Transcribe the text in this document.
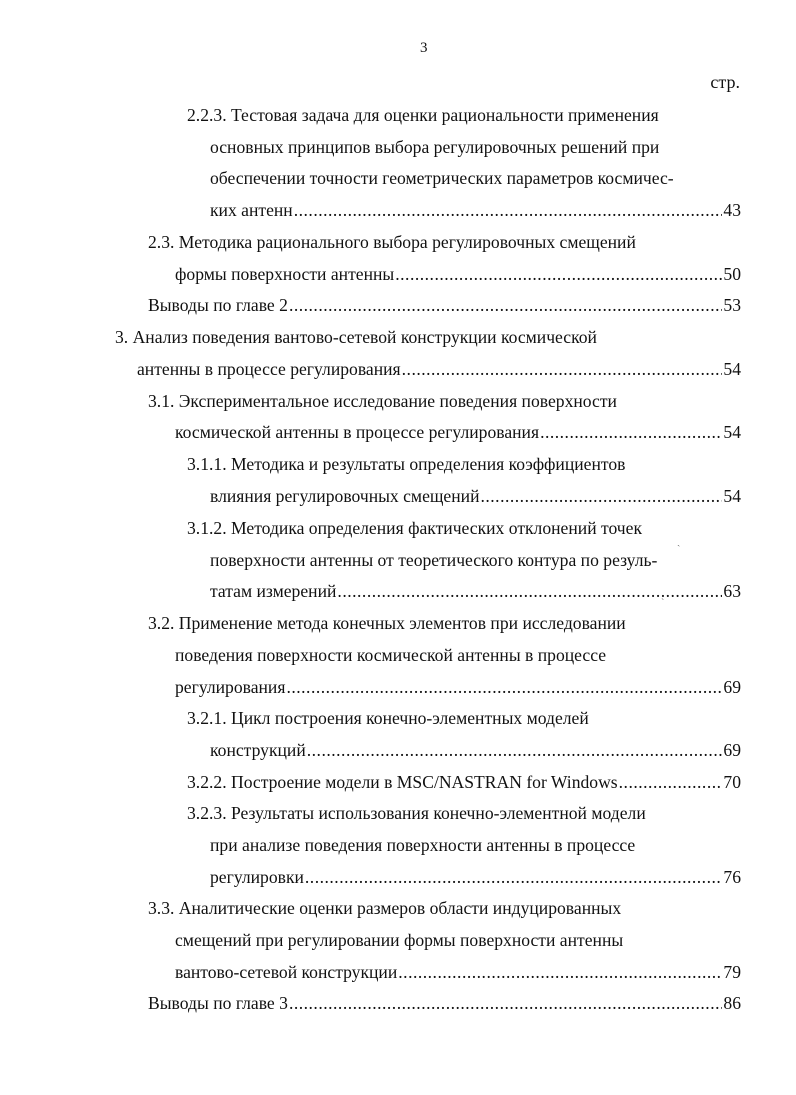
3
стр.
2.2.3. Тестовая задача для оценки рациональности применения
основных принципов выбора регулировочных решений при
обеспечении точности геометрических параметров космичес-
ких антенн .....	43
2.3. Методика рационального выбора регулировочных смещений
формы поверхности антенны .....	50
Выводы по главе 2 .....	53
3. Анализ поведения вантово-сетевой конструкции космической
антенны в процессе регулирования .....	54
3.1. Экспериментальное исследование поведения поверхности
космической антенны в процессе регулирования .....	54
3.1.1. Методика и результаты определения коэффициентов
влияния регулировочных смещений .....	54
3.1.2. Методика определения фактических отклонений точек
поверхности антенны от теоретического контура по резуль-
татам измерений .....	63
3.2. Применение метода конечных элементов при исследовании
поведения поверхности космической антенны в процессе
регулирования .....	69
3.2.1. Цикл построения конечно-элементных моделей
конструкций .....	69
3.2.2. Построение модели в MSC/NASTRAN for Windows .....	70
3.2.3. Результаты использования конечно-элементной модели
при анализе поведения поверхности антенны в процессе
регулировки .....	76
3.3. Аналитические оценки размеров области индуцированных
смещений при регулировании формы поверхности антенны
вантово-сетевой конструкции .....	79
Выводы по главе 3 .....	86
ˏ
ˋ
